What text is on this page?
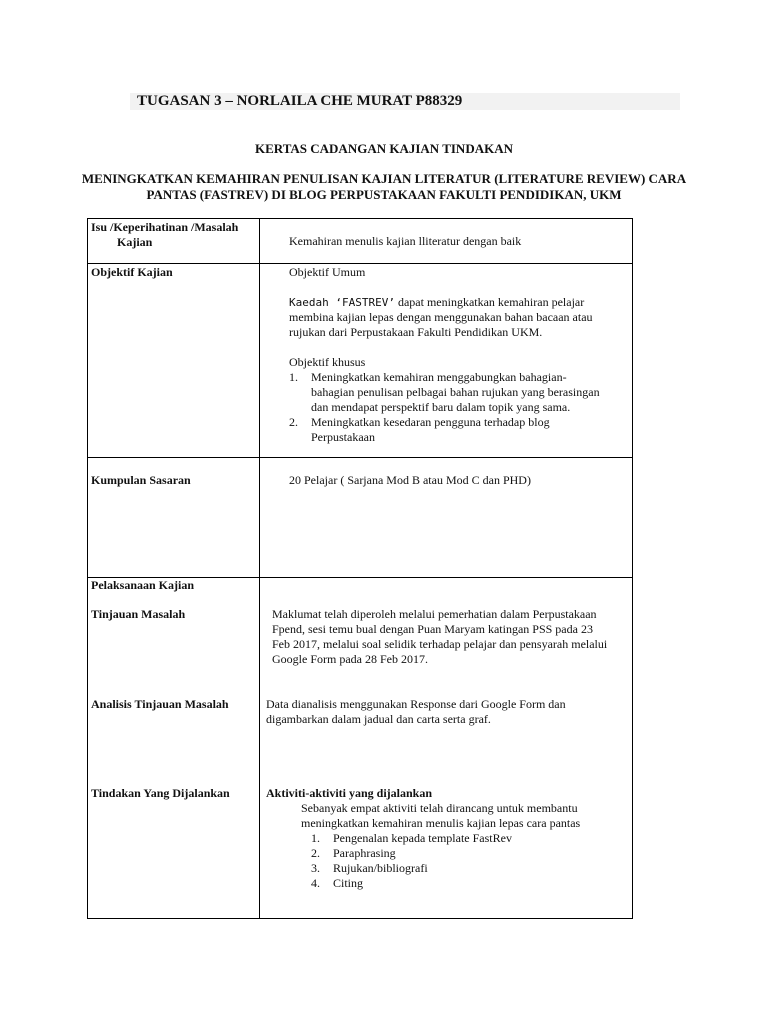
TUGASAN 3 – NORLAILA CHE MURAT P88329
KERTAS CADANGAN KAJIAN TINDAKAN
MENINGKATKAN KEMAHIRAN PENULISAN KAJIAN LITERATUR (LITERATURE REVIEW) CARA PANTAS (FASTREV) DI BLOG PERPUSTAKAAN FAKULTI PENDIDIKAN, UKM
Isu /Keperihatinan /Masalah
Kajian	Kemahiran menulis kajian lliteratur dengan baik
Objektif Kajian	Objektif Umum
Kaedah ‘FASTREV’ dapat meningkatkan kemahiran pelajar
membina kajian lepas dengan menggunakan bahan bacaan atau
rujukan dari Perpustakaan Fakulti Pendidikan UKM.
Objektif khusus
1. Meningkatkan kemahiran menggabungkan bahagian-
bahagian penulisan pelbagai bahan rujukan yang berasingan
dan mendapat perspektif baru dalam topik yang sama.
2. Meningkatkan kesedaran pengguna terhadap blog
Perpustakaan
Kumpulan Sasaran	20 Pelajar ( Sarjana Mod B atau Mod C dan PHD)
Pelaksanaan Kajian
Tinjauan Masalah	Maklumat telah diperoleh melalui pemerhatian dalam Perpustakaan
Fpend, sesi temu bual dengan Puan Maryam katingan PSS pada 23
Feb 2017, melalui soal selidik terhadap pelajar dan pensyarah melalui
Google Form pada 28 Feb 2017.
Analisis Tinjauan Masalah	Data dianalisis menggunakan Response dari Google Form dan
digambarkan dalam jadual dan carta serta graf.
Tindakan Yang Dijalankan	Aktiviti-aktiviti yang dijalankan
Sebanyak empat aktiviti telah dirancang untuk membantu
meningkatkan kemahiran menulis kajian lepas cara pantas
1. Pengenalan kepada template FastRev
2. Paraphrasing
3. Rujukan/bibliografi
4. Citing
